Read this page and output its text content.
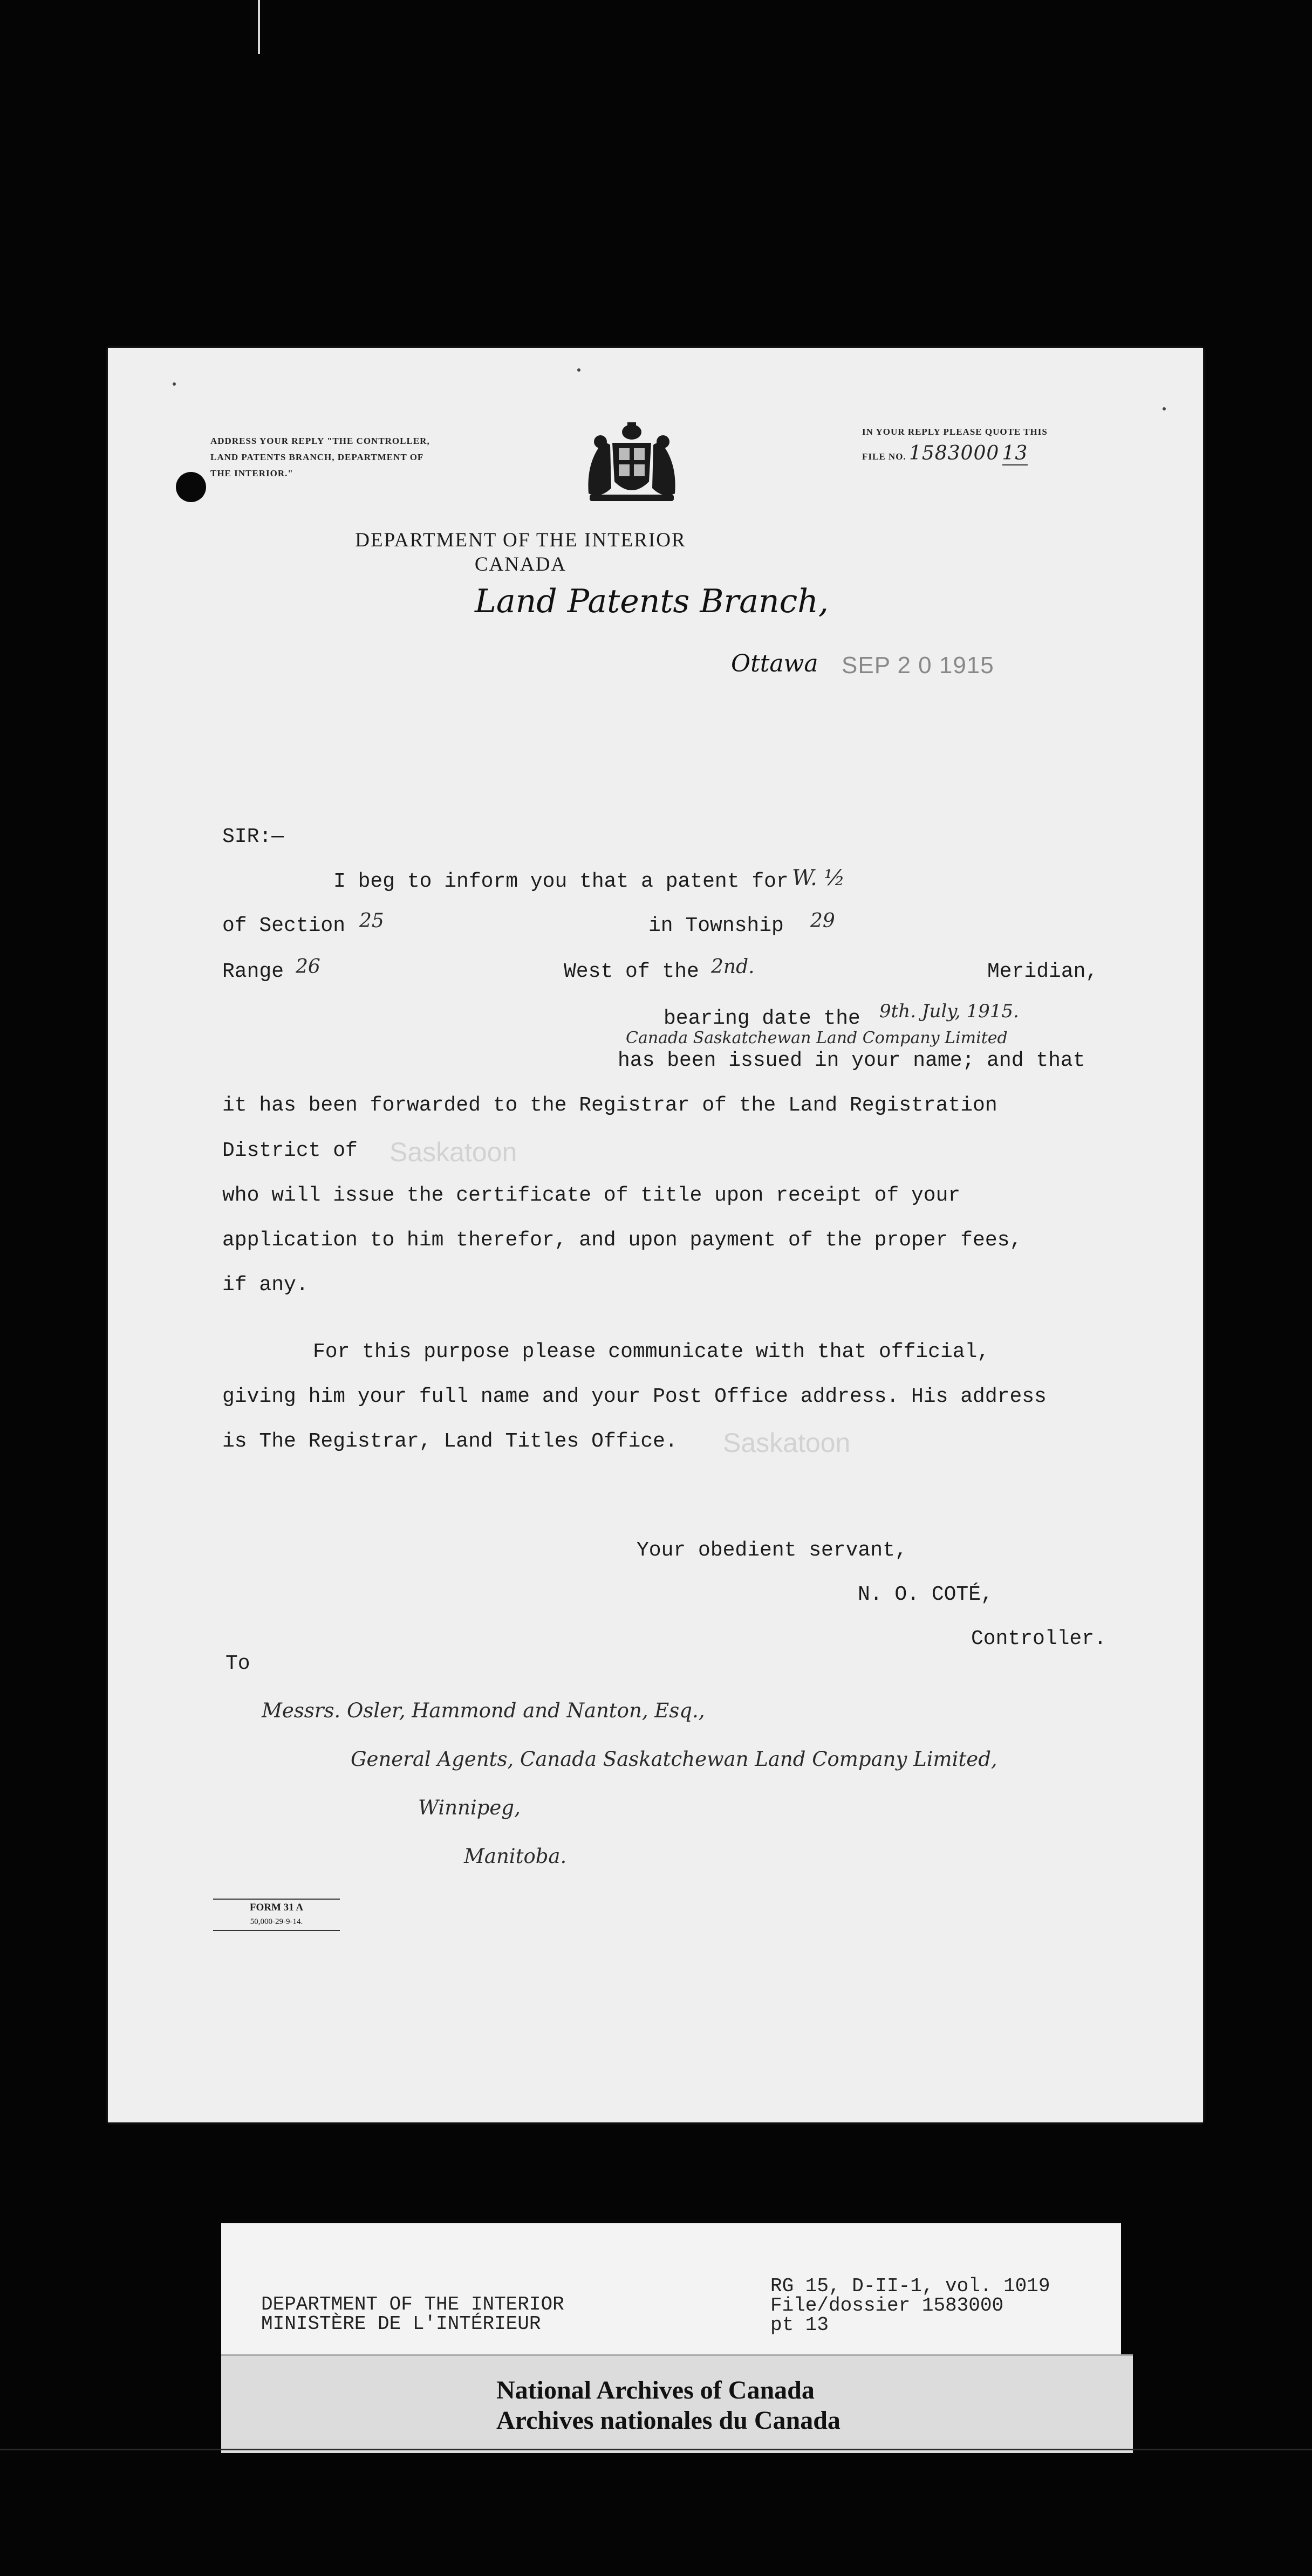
ADDRESS YOUR REPLY "THE CONTROLLER, LAND PATENTS BRANCH, DEPARTMENT OF THE INTERIOR."
IN YOUR REPLY PLEASE QUOTE THIS
FILE NO. 1583000 13
DEPARTMENT OF THE INTERIOR
CANADA
Land Patents Branch,
Ottawa SEP 2 0 1915
SIR:—
I beg to inform you that a patent for W. ½
of Section 25	in Township 29
Range 26	West of the 2nd.	Meridian,
bearing date the 9th. July, 1915.
Canada Saskatchewan Land Company Limited
has been issued in your name; and that
it has been forwarded to the Registrar of the Land Registration
District of Saskatoon
who will issue the certificate of title upon receipt of your
application to him therefor, and upon payment of the proper fees,
if any.
For this purpose please communicate with that official,
giving him your full name and your Post Office address. His address
is The Registrar, Land Titles Office. Saskatoon
Your obedient servant,
N. O. COTÉ,
Controller.
To
Messrs. Osler, Hammond and Nanton, Esq.,
General Agents, Canada Saskatchewan Land Company Limited,
Winnipeg,
Manitoba.
FORM 31 A
50,000-29-9-14.
DEPARTMENT OF THE INTERIOR
MINISTÈRE DE L'INTÉRIEUR
RG 15, D-II-1, vol. 1019
File/dossier 1583000
pt 13
National Archives of Canada
Archives nationales du Canada
